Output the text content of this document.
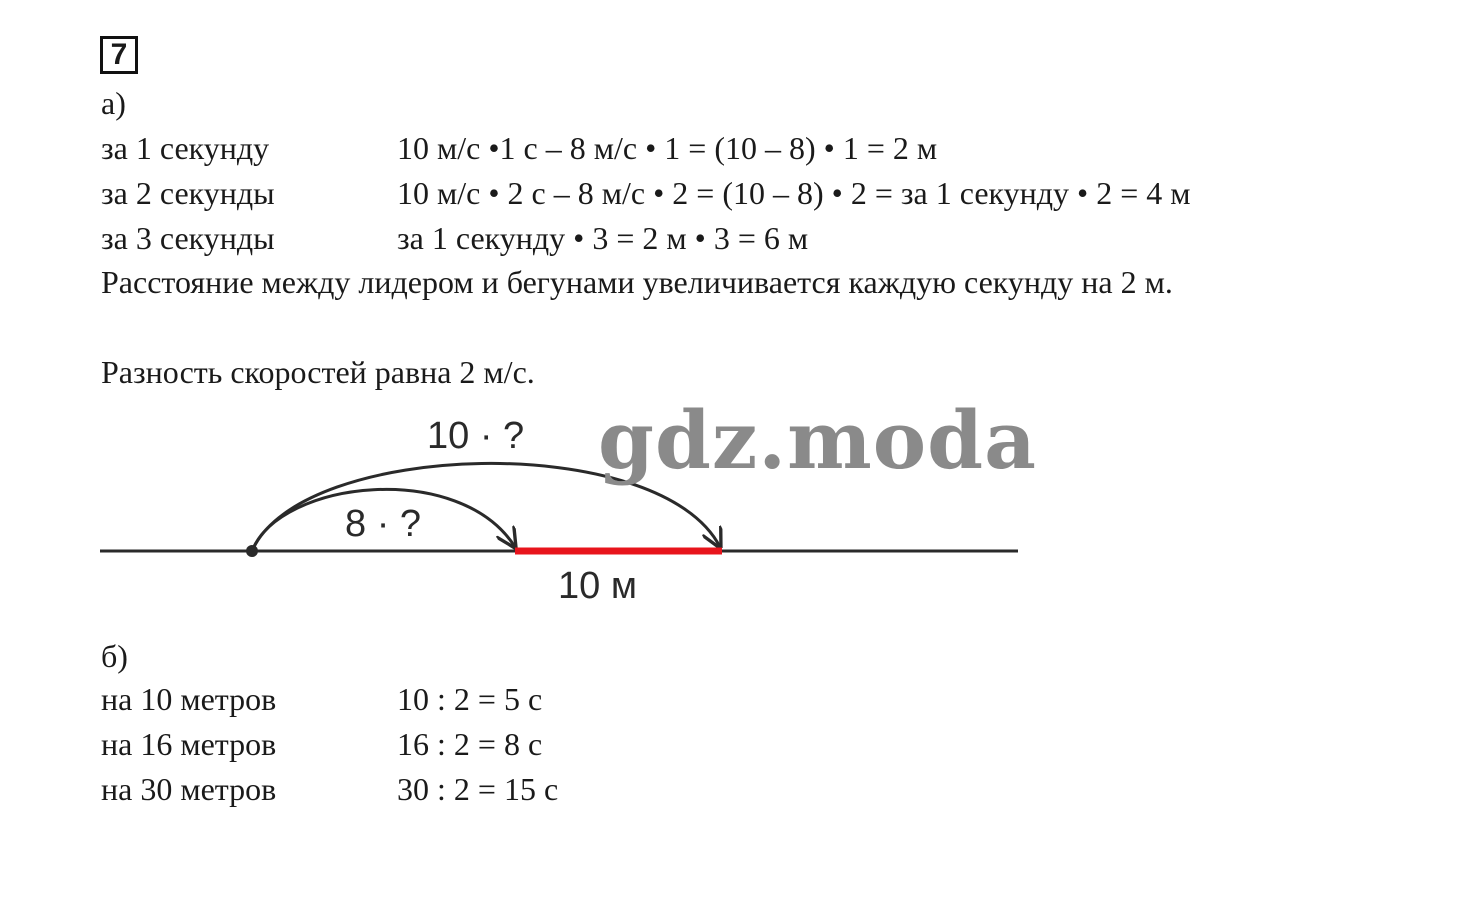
7
а)
за 1 секунду	10 м/с •1 с – 8 м/с • 1 = (10 – 8) • 1 = 2 м
за 2 секунды	10 м/с • 2 с – 8 м/с • 2 = (10 – 8) • 2 = за 1 секунду • 2 = 4 м
за 3 секунды	за 1 секунду • 3 = 2 м • 3 = 6 м
Расстояние между лидером и бегунами увеличивается каждую секунду на 2 м.
Разность скоростей равна 2 м/с.
10 · ?
8 · ?
10 м
gdz.moda
б)
на 10 метров	10 : 2 = 5 с
на 16 метров	16 : 2 = 8 с
на 30 метров	30 : 2 = 15 с
